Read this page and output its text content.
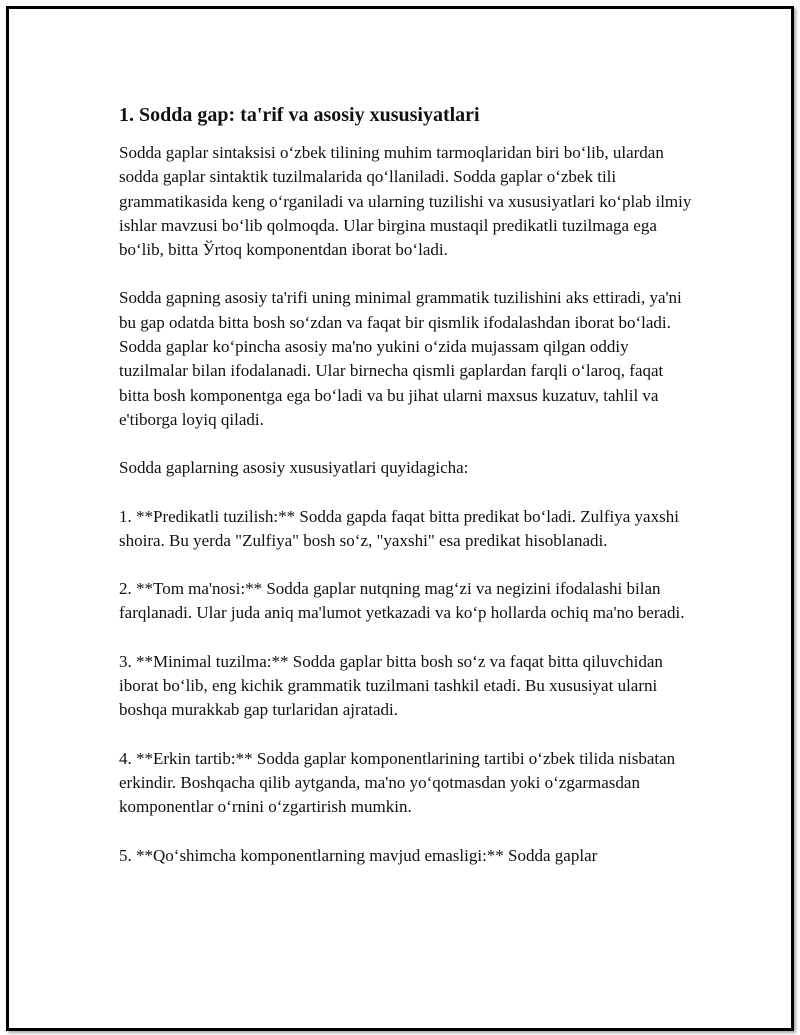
1. Sodda gap: ta'rif va asosiy xususiyatlari

Sodda gaplar sintaksisi oʻzbek tilining muhim tarmoqlaridan biri boʻlib, ulardan sodda gaplar sintaktik tuzilmalarida qoʻllaniladi. Sodda gaplar oʻzbek tili grammatikasida keng oʻrganiladi va ularning tuzilishi va xususiyatlari koʻplab ilmiy ishlar mavzusi boʻlib qolmoqda. Ular birgina mustaqil predikatli tuzilmaga ega boʻlib, bitta Ўrtoq komponentdan iborat boʻladi.

Sodda gapning asosiy ta'rifi uning minimal grammatik tuzilishini aks ettiradi, ya'ni bu gap odatda bitta bosh soʻzdan va faqat bir qismlik ifodalashdan iborat boʻladi. Sodda gaplar koʻpincha asosiy ma'no yukini oʻzida mujassam qilgan oddiy tuzilmalar bilan ifodalanadi. Ular birnecha qismli gaplardan farqli oʻlaroq, faqat bitta bosh komponentga ega boʻladi va bu jihat ularni maxsus kuzatuv, tahlil va e'tiborga loyiq qiladi.

Sodda gaplarning asosiy xususiyatlari quyidagicha:

1. **Predikatli tuzilish:** Sodda gapda faqat bitta predikat boʻladi. Zulfiya yaxshi shoira. Bu yerda "Zulfiya" bosh soʻz, "yaxshi" esa predikat hisoblanadi.

2. **Tom ma'nosi:** Sodda gaplar nutqning magʻzi va negizini ifodalashi bilan farqlanadi. Ular juda aniq ma'lumot yetkazadi va koʻp hollarda ochiq ma'no beradi.

3. **Minimal tuzilma:** Sodda gaplar bitta bosh soʻz va faqat bitta qiluvchidan iborat boʻlib, eng kichik grammatik tuzilmani tashkil etadi. Bu xususiyat ularni boshqa murakkab gap turlaridan ajratadi.

4. **Erkin tartib:** Sodda gaplar komponentlarining tartibi oʻzbek tilida nisbatan erkindir. Boshqacha qilib aytganda, ma'no yoʻqotmasdan yoki oʻzgarmasdan komponentlar oʻrnini oʻzgartirish mumkin.

5. **Qoʻshimcha komponentlarning mavjud emasligi:** Sodda gaplar
